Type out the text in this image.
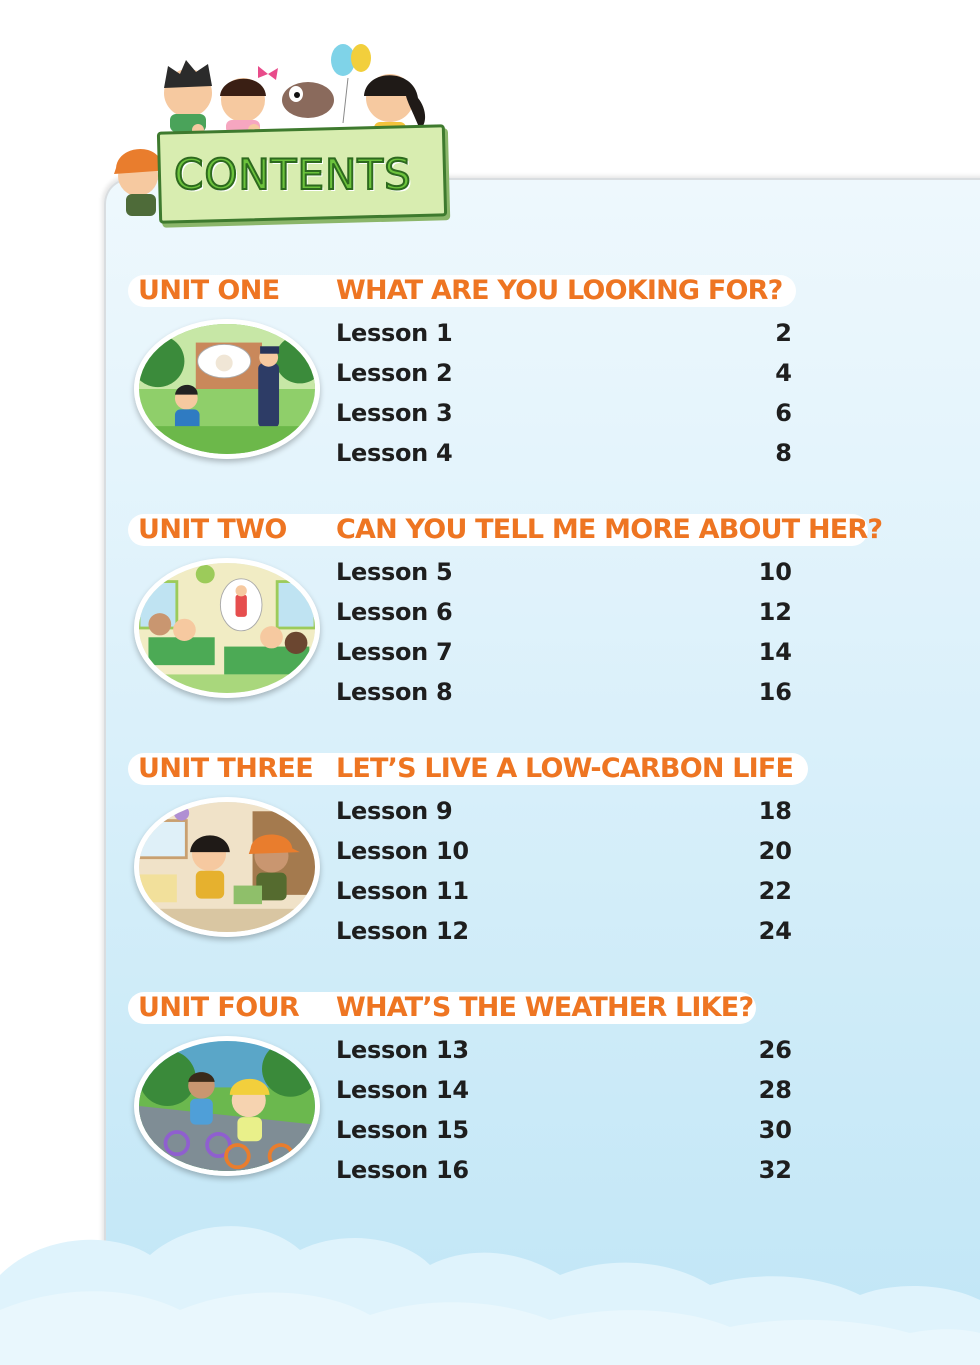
CONTENTS
UNIT ONE WHAT ARE YOU LOOKING FOR?
Lesson 1	2
Lesson 2	4
Lesson 3	6
Lesson 4	8
UNIT TWO CAN YOU TELL ME MORE ABOUT HER?
Lesson 5	10
Lesson 6	12
Lesson 7	14
Lesson 8	16
UNIT THREE LET’S LIVE A LOW-CARBON LIFE
Lesson 9	18
Lesson 10	20
Lesson 11	22
Lesson 12	24
UNIT FOUR WHAT’S THE WEATHER LIKE?
Lesson 13	26
Lesson 14	28
Lesson 15	30
Lesson 16	32
